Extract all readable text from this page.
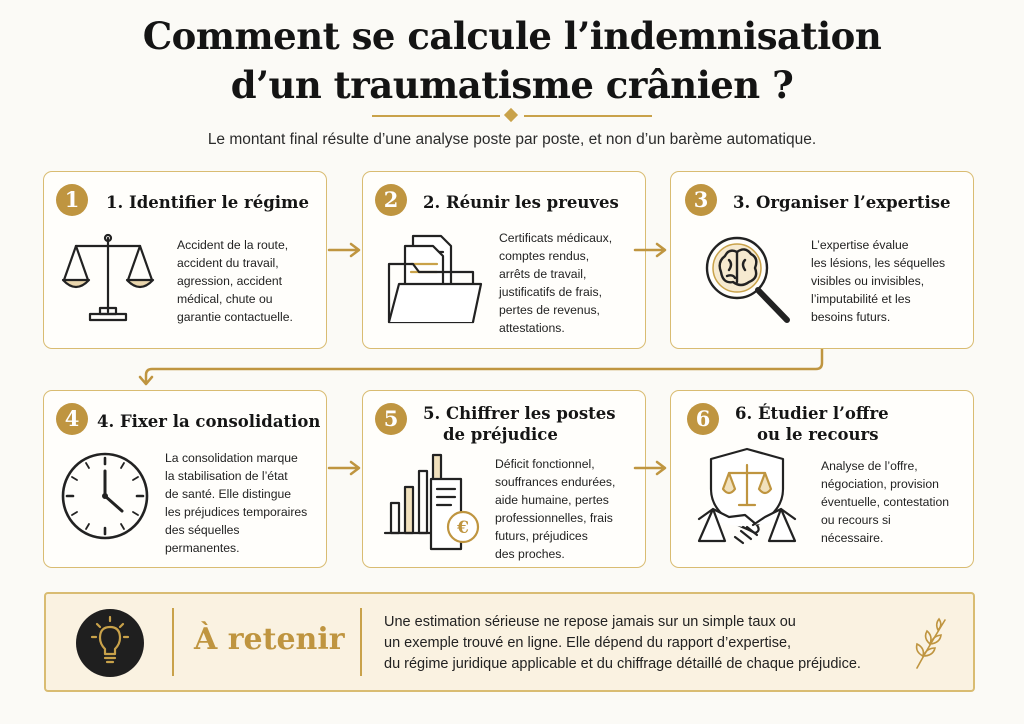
Comment se calcule l’indemnisation
d’un traumatisme crânien ?
Le montant final résulte d’une analyse poste par poste, et non d’un barème automatique.
1	1. Identifier le régime
Accident de la route,
accident du travail,
agression, accident
médical, chute ou
garantie contactuelle.
2	2. Réunir les preuves
Certificats médicaux,
comptes rendus,
arrêts de travail,
justificatifs de frais,
pertes de revenus,
attestations.
3	3. Organiser l’expertise
L’expertise évalue
les lésions, les séquelles
visibles ou invisibles,
l’imputabilité et les
besoins futurs.
4	4. Fixer la consolidation
La consolidation marque
la stabilisation de l’état
de santé. Elle distingue
les préjudices temporaires
des séquelles
permanentes.
5	5. Chiffrer les postes
de préjudice
€
Déficit fonctionnel,
souffrances endurées,
aide humaine, pertes
professionnelles, frais
futurs, préjudices
des proches.
6	6. Étudier l’offre
ou le recours
Analyse de l’offre,
négociation, provision
éventuelle, contestation
ou recours si
nécessaire.
À retenir	Une estimation sérieuse ne repose jamais sur un simple taux ou
un exemple trouvé en ligne. Elle dépend du rapport d’expertise,
du régime juridique applicable et du chiffrage détaillé de chaque préjudice.
